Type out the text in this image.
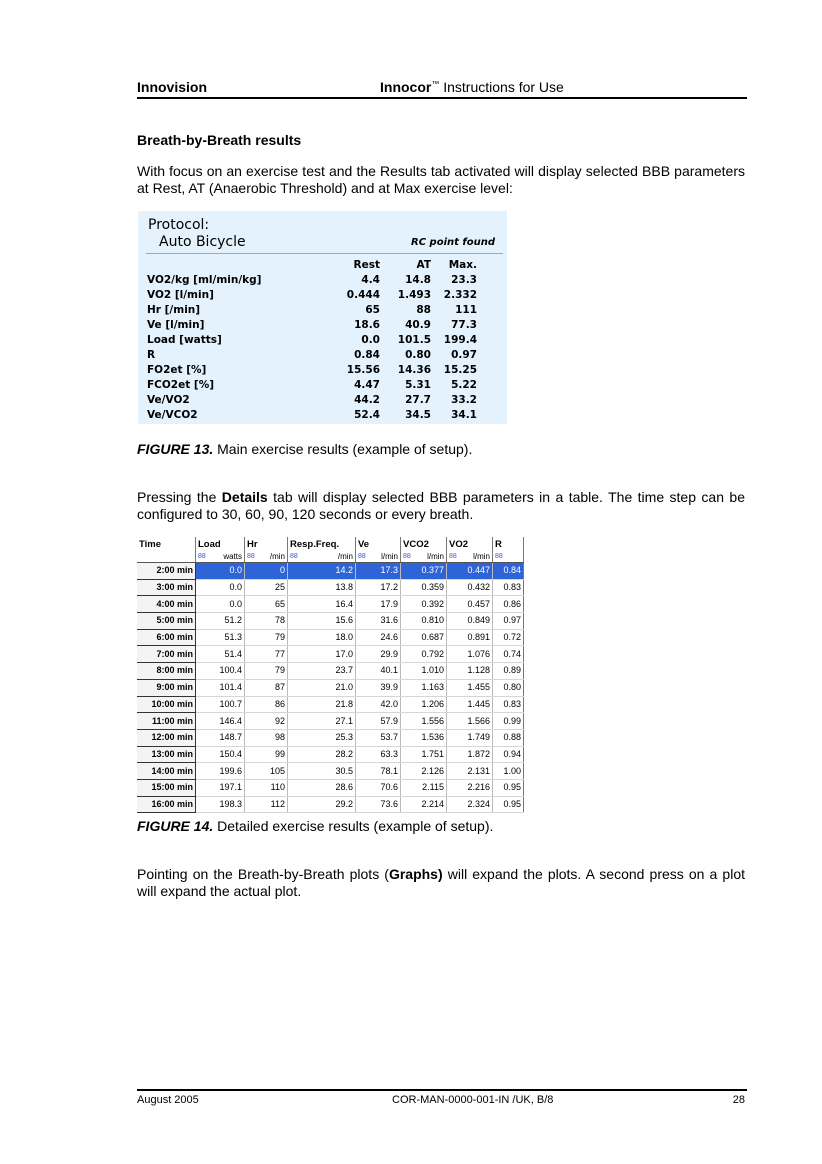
Innovision	Innocor™ Instructions for Use
Breath-by-Breath results
With focus on an exercise test and the Results tab activated will display selected BBB parameters at Rest, AT (Anaerobic Threshold) and at Max exercise level:
Protocol:
Auto Bicycle	RC point found
	Rest	AT	Max.
VO2/kg [ml/min/kg]	4.4	14.8	23.3
VO2 [l/min]	0.444	1.493	2.332
Hr [/min]	65	88	111
Ve [l/min]	18.6	40.9	77.3
Load [watts]	0.0	101.5	199.4
R	0.84	0.80	0.97
FO2et [%]	15.56	14.36	15.25
FCO2et [%]	4.47	5.31	5.22
Ve/VO2	44.2	27.7	33.2
Ve/VCO2	52.4	34.5	34.1
FIGURE 13. Main exercise results (example of setup).
Pressing the Details tab will display selected BBB parameters in a table. The time step can be configured to 30, 60, 90, 120 seconds or every breath.
Time	Load	Hr	Resp.Freq.	Ve	VCO2	VO2	R

	88 watts	88 /min	88 /min	88 l/min	88 l/min	88 l/min	88

2:00 min	0.0	0	14.2	17.3	0.377	0.447	0.84
3:00 min	0.0	25	13.8	17.2	0.359	0.432	0.83
4:00 min	0.0	65	16.4	17.9	0.392	0.457	0.86
5:00 min	51.2	78	15.6	31.6	0.810	0.849	0.97
6:00 min	51.3	79	18.0	24.6	0.687	0.891	0.72
7:00 min	51.4	77	17.0	29.9	0.792	1.076	0.74
8:00 min	100.4	79	23.7	40.1	1.010	1.128	0.89
9:00 min	101.4	87	21.0	39.9	1.163	1.455	0.80
10:00 min	100.7	86	21.8	42.0	1.206	1.445	0.83
11:00 min	146.4	92	27.1	57.9	1.556	1.566	0.99
12:00 min	148.7	98	25.3	53.7	1.536	1.749	0.88
13:00 min	150.4	99	28.2	63.3	1.751	1.872	0.94
14:00 min	199.6	105	30.5	78.1	2.126	2.131	1.00
15:00 min	197.1	110	28.6	70.6	2.115	2.216	0.95
16:00 min	198.3	112	29.2	73.6	2.214	2.324	0.95
FIGURE 14. Detailed exercise results (example of setup).
Pointing on the Breath-by-Breath plots (Graphs) will expand the plots. A second press on a plot will expand the actual plot.
August 2005	COR-MAN-0000-001-IN /UK, B/8	28
